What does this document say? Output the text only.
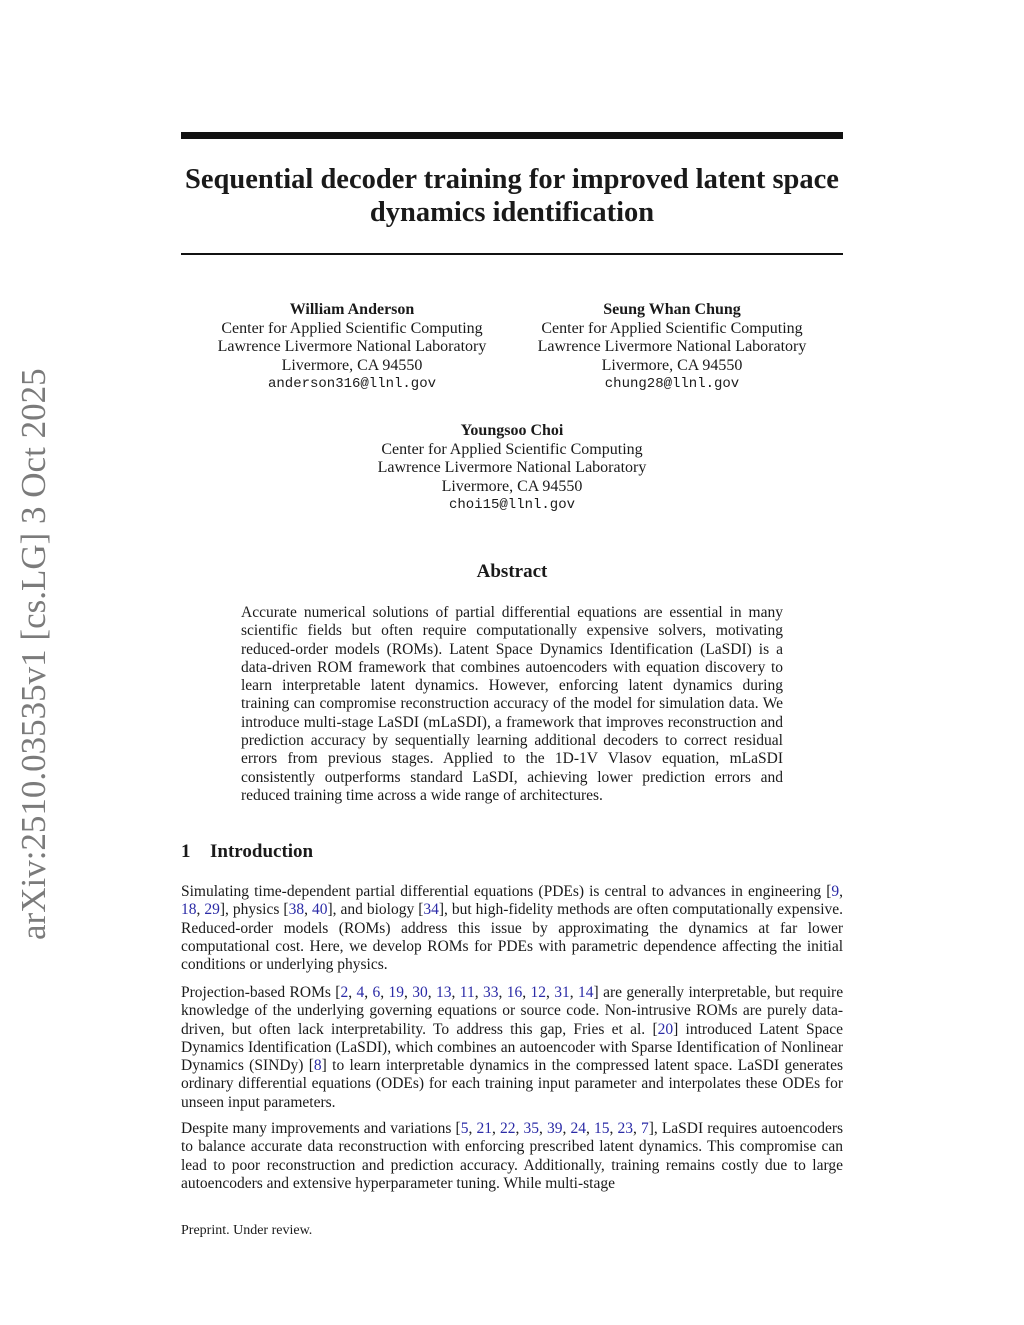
arXiv:2510.03535v1 [cs.LG] 3 Oct 2025
Sequential decoder training for improved latent space dynamics identification
William Anderson
Center for Applied Scientific Computing
Lawrence Livermore National Laboratory
Livermore, CA 94550
anderson316@llnl.gov
Seung Whan Chung
Center for Applied Scientific Computing
Lawrence Livermore National Laboratory
Livermore, CA 94550
chung28@llnl.gov
Youngsoo Choi
Center for Applied Scientific Computing
Lawrence Livermore National Laboratory
Livermore, CA 94550
choi15@llnl.gov
Abstract

Accurate numerical solutions of partial differential equations are essential in many scientific fields but often require computationally expensive solvers, motivating reduced-order models (ROMs). Latent Space Dynamics Identification (LaSDI) is a data-driven ROM framework that combines autoencoders with equation discovery to learn interpretable latent dynamics. However, enforcing latent dynamics during training can compromise reconstruction accuracy of the model for simulation data. We introduce multi-stage LaSDI (mLaSDI), a framework that improves reconstruction and prediction accuracy by sequentially learning additional decoders to correct residual errors from previous stages. Applied to the 1D-1V Vlasov equation, mLaSDI consistently outperforms standard LaSDI, achieving lower prediction errors and reduced training time across a wide range of architectures.

1 Introduction

Simulating time-dependent partial differential equations (PDEs) is central to advances in engineering [9, 18, 29], physics [38, 40], and biology [34], but high-fidelity methods are often computationally expensive. Reduced-order models (ROMs) address this issue by approximating the dynamics at far lower computational cost. Here, we develop ROMs for PDEs with parametric dependence affecting the initial conditions or underlying physics.

Projection-based ROMs [2, 4, 6, 19, 30, 13, 11, 33, 16, 12, 31, 14] are generally interpretable, but require knowledge of the underlying governing equations or source code. Non-intrusive ROMs are purely data-driven, but often lack interpretability. To address this gap, Fries et al. [20] introduced Latent Space Dynamics Identification (LaSDI), which combines an autoencoder with Sparse Identification of Nonlinear Dynamics (SINDy) [8] to learn interpretable dynamics in the compressed latent space. LaSDI generates ordinary differential equations (ODEs) for each training input parameter and interpolates these ODEs for unseen input parameters.

Despite many improvements and variations [5, 21, 22, 35, 39, 24, 15, 23, 7], LaSDI requires autoencoders to balance accurate data reconstruction with enforcing prescribed latent dynamics. This compromise can lead to poor reconstruction and prediction accuracy. Additionally, training remains costly due to large autoencoders and extensive hyperparameter tuning. While multi-stage

Preprint. Under review.
